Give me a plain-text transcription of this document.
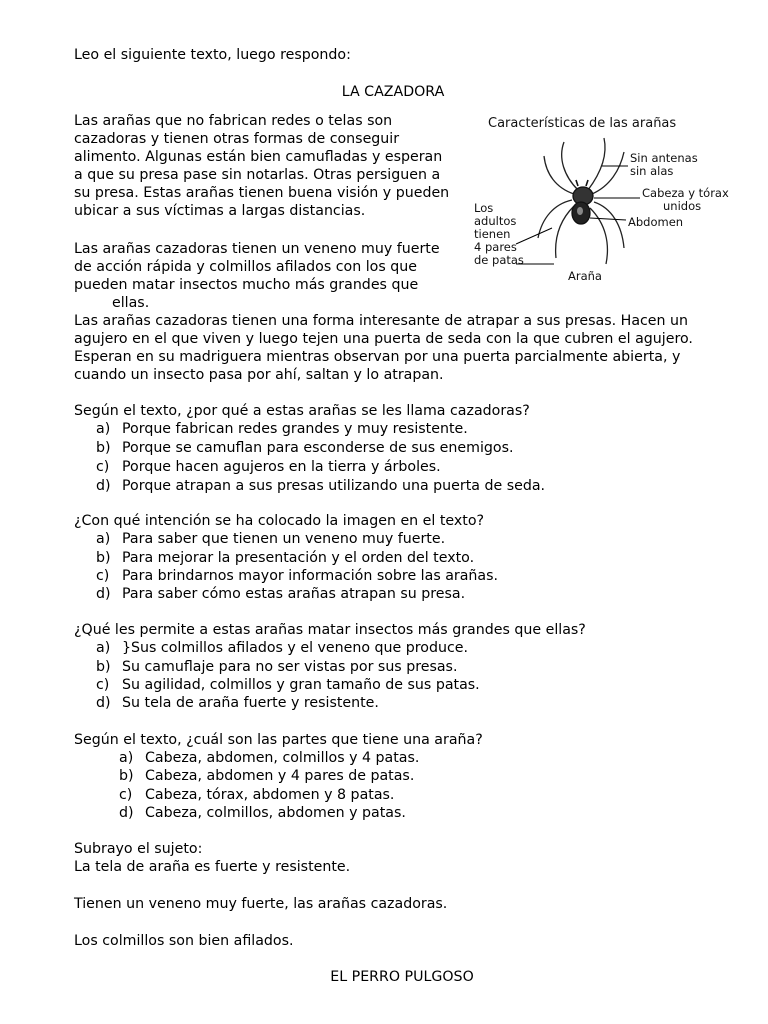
Leo el siguiente texto, luego respondo:
LA CAZADORA
Las arañas que no fabrican redes o telas son
cazadoras y tienen otras formas de conseguir
alimento. Algunas están bien camufladas y esperan
a que su presa pase sin notarlas. Otras persiguen a
su presa. Estas arañas tienen buena visión y pueden
ubicar a sus víctimas a largas distancias.
Las arañas cazadoras tienen un veneno muy fuerte
de acción rápida y colmillos afilados con los que
pueden matar insectos mucho más grandes que
ellas.
Las arañas cazadoras tienen una forma interesante de atrapar a sus presas. Hacen un
agujero en el que viven y luego tejen una puerta de seda con la que cubren el agujero.
Esperan en su madriguera mientras observan por una puerta parcialmente abierta, y
cuando un insecto pasa por ahí, saltan y lo atrapan.
Características de las arañas
Sin antenas
sin alas
Cabeza y tórax
unidos
Abdomen
Los
adultos
tienen
4 pares
de patas
Araña
Según el texto, ¿por qué a estas arañas se les llama cazadoras?
a) Porque fabrican redes grandes y muy resistente.
b) Porque se camuflan para esconderse de sus enemigos.
c) Porque hacen agujeros en la tierra y árboles.
d) Porque atrapan a sus presas utilizando una puerta de seda.
¿Con qué intención se ha colocado la imagen en el texto?
a) Para saber que tienen un veneno muy fuerte.
b) Para mejorar la presentación y el orden del texto.
c) Para brindarnos mayor información sobre las arañas.
d) Para saber cómo estas arañas atrapan su presa.
¿Qué les permite a estas arañas matar insectos más grandes que ellas?
a) }Sus colmillos afilados y el veneno que produce.
b) Su camuflaje para no ser vistas por sus presas.
c) Su agilidad, colmillos y gran tamaño de sus patas.
d) Su tela de araña fuerte y resistente.
Según el texto, ¿cuál son las partes que tiene una araña?
a) Cabeza, abdomen, colmillos y 4 patas.
b) Cabeza, abdomen y 4 pares de patas.
c) Cabeza, tórax, abdomen y 8 patas.
d) Cabeza, colmillos, abdomen y patas.
Subrayo el sujeto:
La tela de araña es fuerte y resistente.
Tienen un veneno muy fuerte, las arañas cazadoras.
Los colmillos son bien afilados.
EL PERRO PULGOSO
